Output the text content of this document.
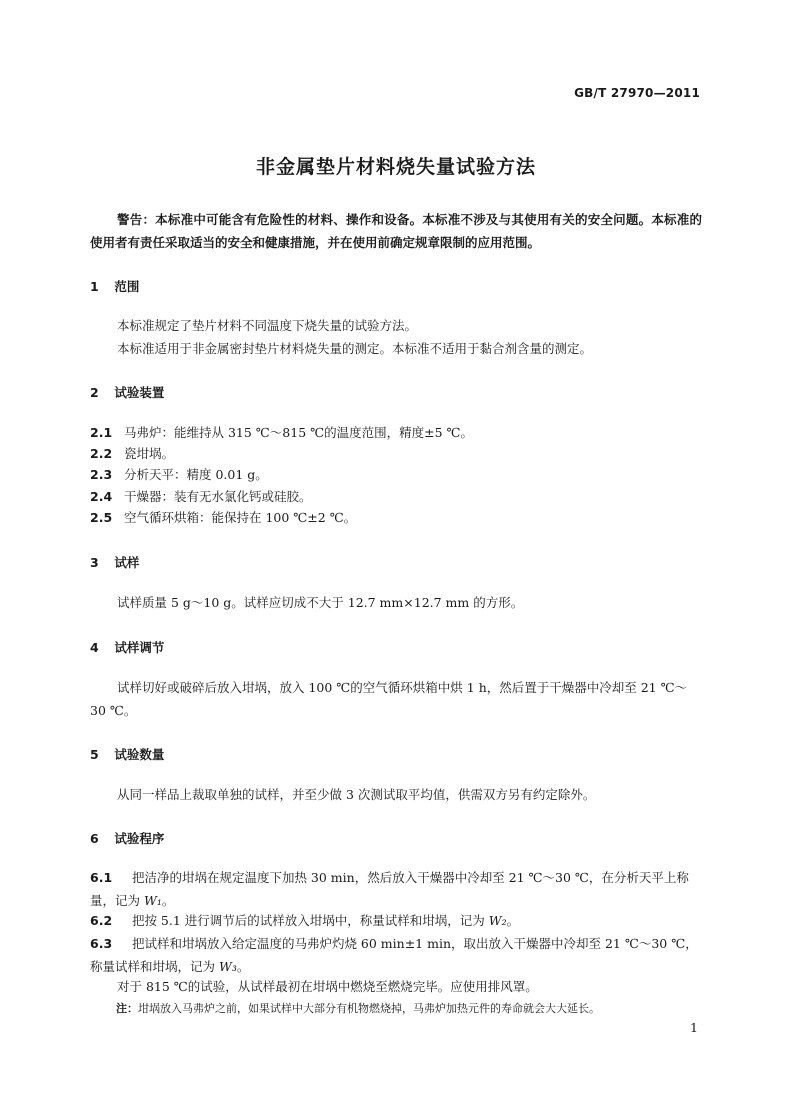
GB/T 27970—2011
非金属垫片材料烧失量试验方法
警告：本标准中可能含有危险性的材料、操作和设备。本标准不涉及与其使用有关的安全问题。本标准的使用者有责任采取适当的安全和健康措施，并在使用前确定规章限制的应用范围。
1 范围
本标准规定了垫片材料不同温度下烧失量的试验方法。
本标准适用于非金属密封垫片材料烧失量的测定。本标准不适用于黏合剂含量的测定。
2 试验装置
2.1 马弗炉：能维持从 315 ℃～815 ℃的温度范围，精度±5 ℃。
2.2 瓷坩埚。
2.3 分析天平：精度 0.01 g。
2.4 干燥器：装有无水氯化钙或硅胶。
2.5 空气循环烘箱：能保持在 100 ℃±2 ℃。
3 试样
试样质量 5 g～10 g。试样应切成不大于 12.7 mm×12.7 mm 的方形。
4 试样调节
试样切好或破碎后放入坩埚，放入 100 ℃的空气循环烘箱中烘 1 h，然后置于干燥器中冷却至 21 ℃～30 ℃。
5 试验数量
从同一样品上裁取单独的试样，并至少做 3 次测试取平均值，供需双方另有约定除外。
6 试验程序
6.1 把洁净的坩埚在规定温度下加热 30 min，然后放入干燥器中冷却至 21 ℃～30 ℃，在分析天平上称量，记为 W₁。
6.2 把按 5.1 进行调节后的试样放入坩埚中，称量试样和坩埚，记为 W₂。
6.3 把试样和坩埚放入给定温度的马弗炉灼烧 60 min±1 min，取出放入干燥器中冷却至 21 ℃～30 ℃，称量试样和坩埚，记为 W₃。
对于 815 ℃的试验，从试样最初在坩埚中燃烧至燃烧完毕。应使用排风罩。
注：坩埚放入马弗炉之前，如果试样中大部分有机物燃烧掉，马弗炉加热元件的寿命就会大大延长。
1
